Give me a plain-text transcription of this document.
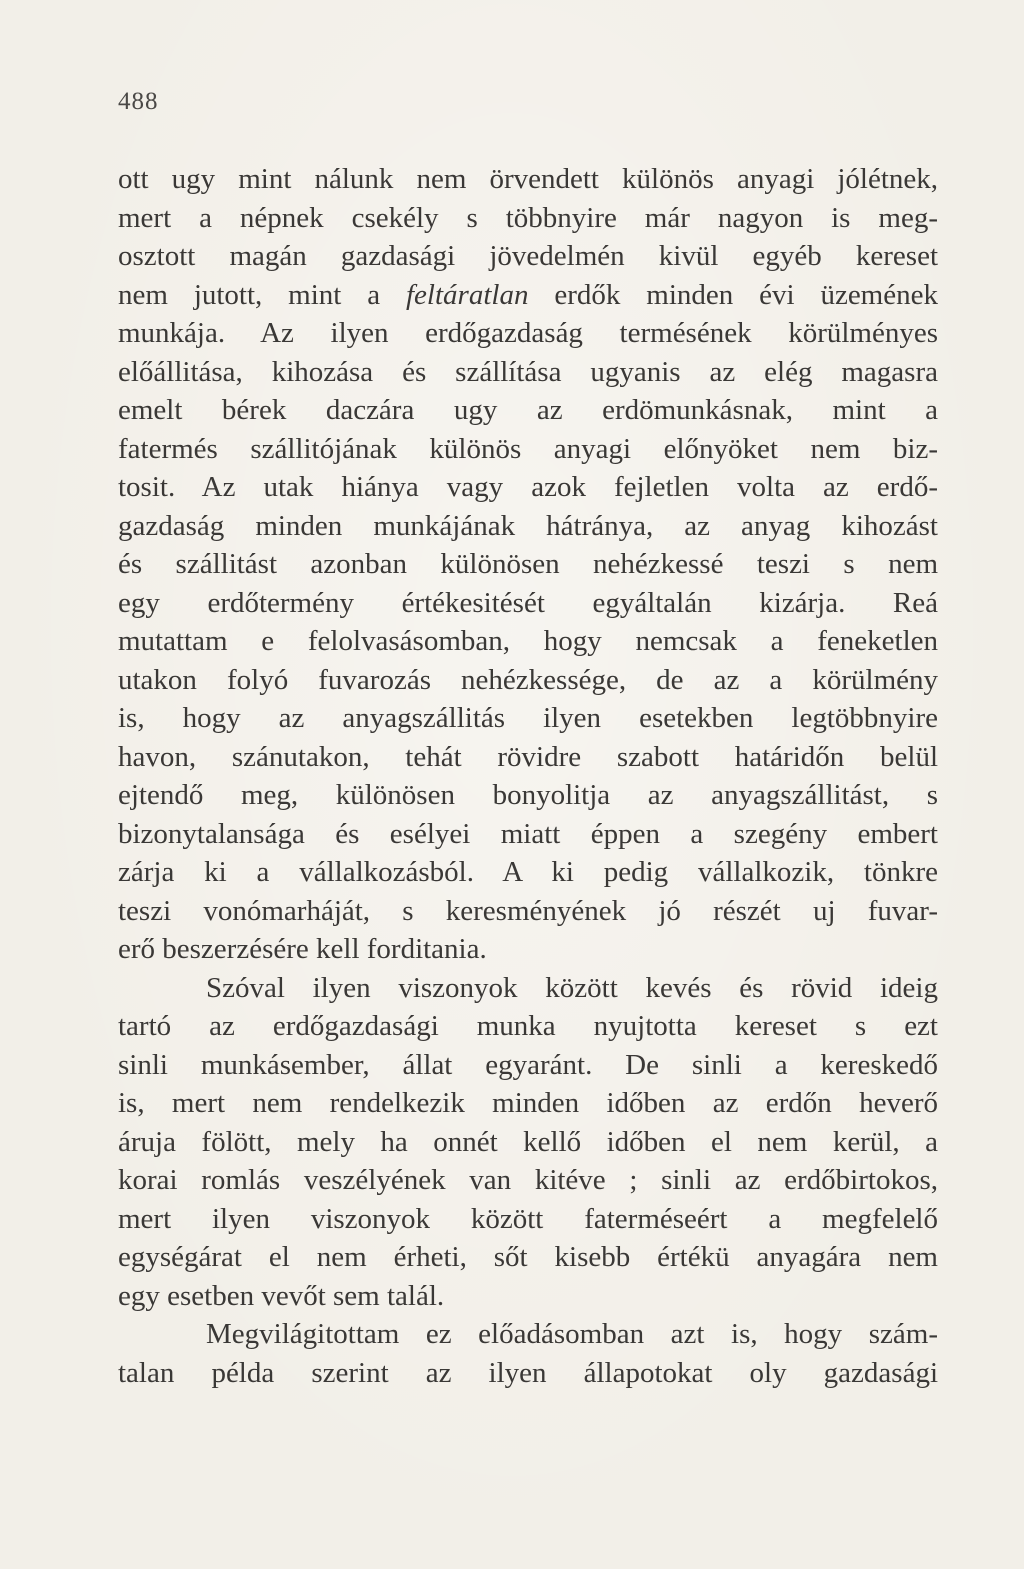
488
ott ugy mint nálunk nem örvendett különös anyagi jólétnek,
mert a népnek csekély s többnyire már nagyon is meg-
osztott magán gazdasági jövedelmén kivül egyéb kereset
nem jutott, mint a feltáratlan erdők minden évi üzemének
munkája. Az ilyen erdőgazdaság termésének körülményes
előállitása, kihozása és szállítása ugyanis az elég magasra
emelt bérek daczára ugy az erdömunkásnak, mint a
fatermés szállitójának különös anyagi előnyöket nem biz-
tosit. Az utak hiánya vagy azok fejletlen volta az erdő-
gazdaság minden munkájának hátránya, az anyag kihozást
és szállitást azonban különösen nehézkessé teszi s nem
egy erdőtermény értékesitését egyáltalán kizárja. Reá
mutattam e felolvasásomban, hogy nemcsak a feneketlen
utakon folyó fuvarozás nehézkessége, de az a körülmény
is, hogy az anyagszállitás ilyen esetekben legtöbbnyire
havon, szánutakon, tehát rövidre szabott határidőn belül
ejtendő meg, különösen bonyolitja az anyagszállitást, s
bizonytalansága és esélyei miatt éppen a szegény embert
zárja ki a vállalkozásból. A ki pedig vállalkozik, tönkre
teszi vonómarháját, s keresményének jó részét uj fuvar-
erő beszerzésére kell forditania.
Szóval ilyen viszonyok között kevés és rövid ideig
tartó az erdőgazdasági munka nyujtotta kereset s ezt
sinli munkásember, állat egyaránt. De sinli a kereskedő
is, mert nem rendelkezik minden időben az erdőn heverő
áruja fölött, mely ha onnét kellő időben el nem kerül, a
korai romlás veszélyének van kitéve ; sinli az erdőbirtokos,
mert ilyen viszonyok között faterméseért a megfelelő
egységárat el nem érheti, sőt kisebb értékü anyagára nem
egy esetben vevőt sem talál.
Megvilágitottam ez előadásomban azt is, hogy szám-
talan példa szerint az ilyen állapotokat oly gazdasági
